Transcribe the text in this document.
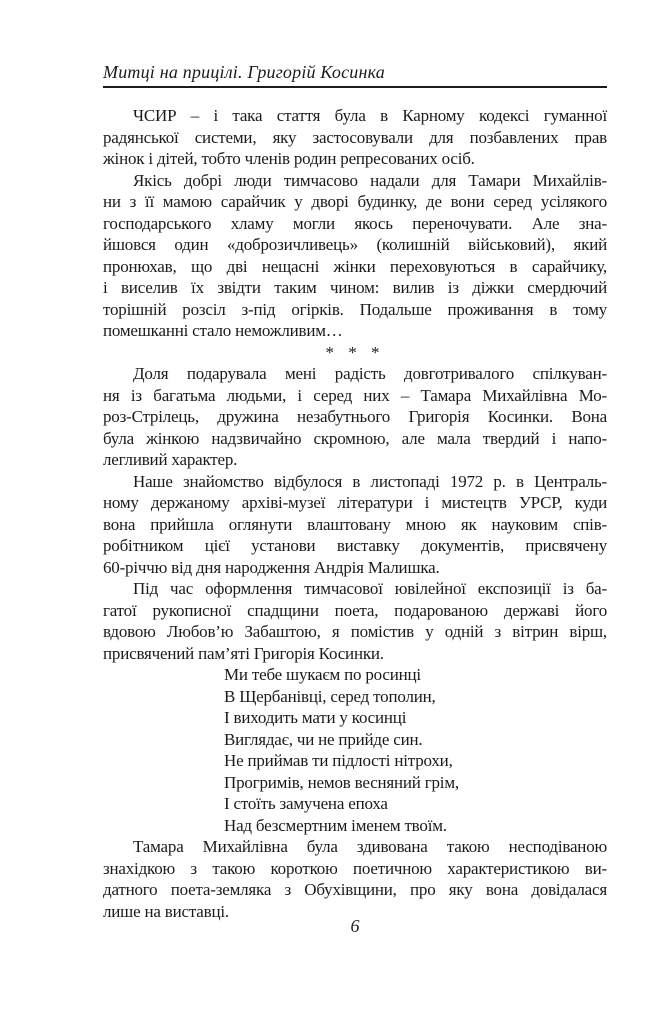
Митці на прицілі. Григорій Косинка
ЧСИР – і така стаття була в Карному кодексі гуманної
радянської системи, яку застосовували для позбавлених прав
жінок і дітей, тобто членів родин репресованих осіб.
Якісь добрі люди тимчасово надали для Тамари Михайлів-
ни з її мамою сарайчик у дворі будинку, де вони серед усілякого
господарського хламу могли якось переночувати. Але зна-
йшовся один «доброзичливець» (колишній військовий), який
пронюхав, що дві нещасні жінки переховуються в сарайчику,
і виселив їх звідти таким чином: вилив із діжки смердючий
торішній розсіл з-під огірків. Подальше проживання в тому
помешканні стало неможливим…
* * *
Доля подарувала мені радість довготривалого спілкуван-
ня із багатьма людьми, і серед них – Тамара Михайлівна Мо-
роз-Стрілець, дружина незабутнього Григорія Косинки. Вона
була жінкою надзвичайно скромною, але мала твердий і напо-
легливий характер.
Наше знайомство відбулося в листопаді 1972 р. в Централь-
ному держаному архіві-музеї літератури і мистецтв УРСР, куди
вона прийшла оглянути влаштовану мною як науковим спів-
робітником цієї установи виставку документів, присвячену
60-річчю від дня народження Андрія Малишка.
Під час оформлення тимчасової ювілейної експозиції із ба-
гатої рукописної спадщини поета, подарованою державі його
вдовою Любов’ю Забаштою, я помістив у одній з вітрин вірш,
присвячений пам’яті Григорія Косинки.
Ми тебе шукаєм по росинці
В Щербанівці, серед тополин,
І виходить мати у косинці
Виглядає, чи не прийде син.
Не приймав ти підлості нітрохи,
Прогримів, немов весняний грім,
І стоїть замучена епоха
Над безсмертним іменем твоїм.
Тамара Михайлівна була здивована такою несподіваною
знахідкою з такою короткою поетичною характеристикою ви-
датного поета-земляка з Обухівщини, про яку вона довідалася
лише на виставці.
6
